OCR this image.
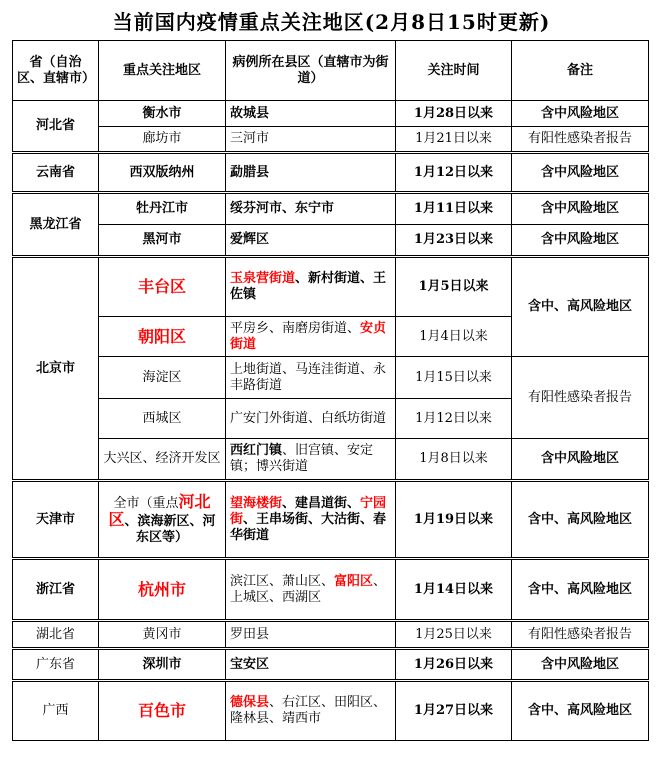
当前国内疫情重点关注地区(2月8日15时更新)
省（自治区、直辖市）	重点关注地区	病例所在县区（直辖市为街道）	关注时间	备注
河北省	衡水市	故城县	1月28日以来	含中风险地区
	廊坊市	三河市	1月21日以来	有阳性感染者报告
云南省	西双版纳州	勐腊县	1月12日以来	含中风险地区
黑龙江省	牡丹江市	绥芬河市、东宁市	1月11日以来	含中风险地区
	黑河市	爱辉区	1月23日以来	含中风险地区
北京市	丰台区	玉泉营街道、新村街道、王佐镇	1月5日以来	含中、高风险地区
	朝阳区	平房乡、南磨房街道、安贞街道	1月4日以来	
	海淀区	上地街道、马连洼街道、永丰路街道	1月15日以来	有阳性感染者报告
	西城区	广安门外街道、白纸坊街道	1月12日以来	
	大兴区、经济开发区	西红门镇、旧宫镇、安定镇；博兴街道	1月8日以来	含中风险地区
天津市	全市（重点河北区、滨海新区、河东区等）	望海楼街、建昌道街、宁园街、王串场街、大沽街、春华街道	1月19日以来	含中、高风险地区
浙江省	杭州市	滨江区、萧山区、富阳区、上城区、西湖区	1月14日以来	含中、高风险地区
湖北省	黄冈市	罗田县	1月25日以来	有阳性感染者报告
广东省	深圳市	宝安区	1月26日以来	含中风险地区
广西	百色市	德保县、右江区、田阳区、隆林县、靖西市	1月27日以来	含中、高风险地区
